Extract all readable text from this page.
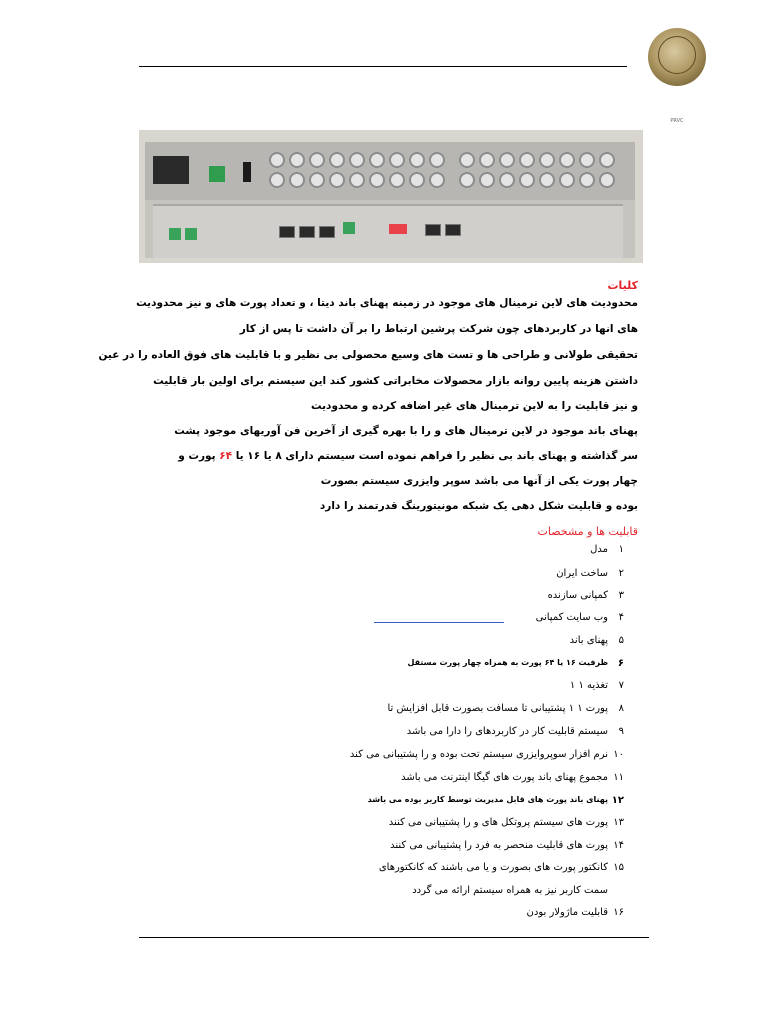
PRVC
کلیات
محدودیت های لاین ترمینال های موجود در زمینه پهنای باند دیتا ، و تعداد پورت های و نیز محدودیت
های انها در کاربردهای چون شرکت پرشین ارتباط را بر آن داشت تا پس از کار
تحقیقی طولانی و طراحی ها و تست های وسیع محصولی بی نظیر و با قابلیت های فوق العاده را در عین
داشتن هزینه پایین روانه بازار محصولات مخابراتی کشور کند این سیستم برای اولین بار قابلیت
و نیز قابلیت را به لاین ترمینال های غیر اضافه کرده و محدودیت
پهنای باند موجود در لاین ترمینال های و را با بهره گیری از آخرین فن آوریهای موجود پشت
سر گذاشته و پهنای باند بی نظیر را فراهم نموده است سیستم دارای ۸ یا ۱۶ یا ۶۴ پورت و
چهار پورت یکی از آنها می باشد سوپر وایزری سیستم بصورت
بوده و قابلیت شکل دهی یک شبکه مونیتورینگ قدرتمند را دارد
قابلیت ها و مشخصات
۱
مدل
۲
ساخت ایران
۳
کمپانی سازنده
۴
وب سایت کمپانی
۵
پهنای باند
۶
ظرفیت ۱۶ یا ۶۴ پورت به همراه چهار پورت مستقل
۷
تغذیه ۱ ۱
۸
پورت ۱ ۱ پشتیبانی تا مسافت بصورت قابل افزایش تا
۹
سیستم قابلیت کار در کاربردهای را دارا می باشد
۱۰
نرم افزار سوپروایزری سیستم تحت بوده و را پشتیبانی می کند
۱۱
مجموع پهنای باند پورت های گیگا اینترنت می باشد
۱۲
پهنای باند پورت های قابل مدیریت توسط کاربر بوده می باشد
۱۳
پورت های سیستم پروتکل های و را پشتیبانی می کنند
۱۴
پورت های قابلیت منحصر به فرد را پشتیبانی می کنند
۱۵
کانکتور پورت های بصورت و یا می باشند که کانکتورهای
سمت کاربر نیز به همراه سیستم ارائه می گردد
۱۶
قابلیت ماژولار بودن
